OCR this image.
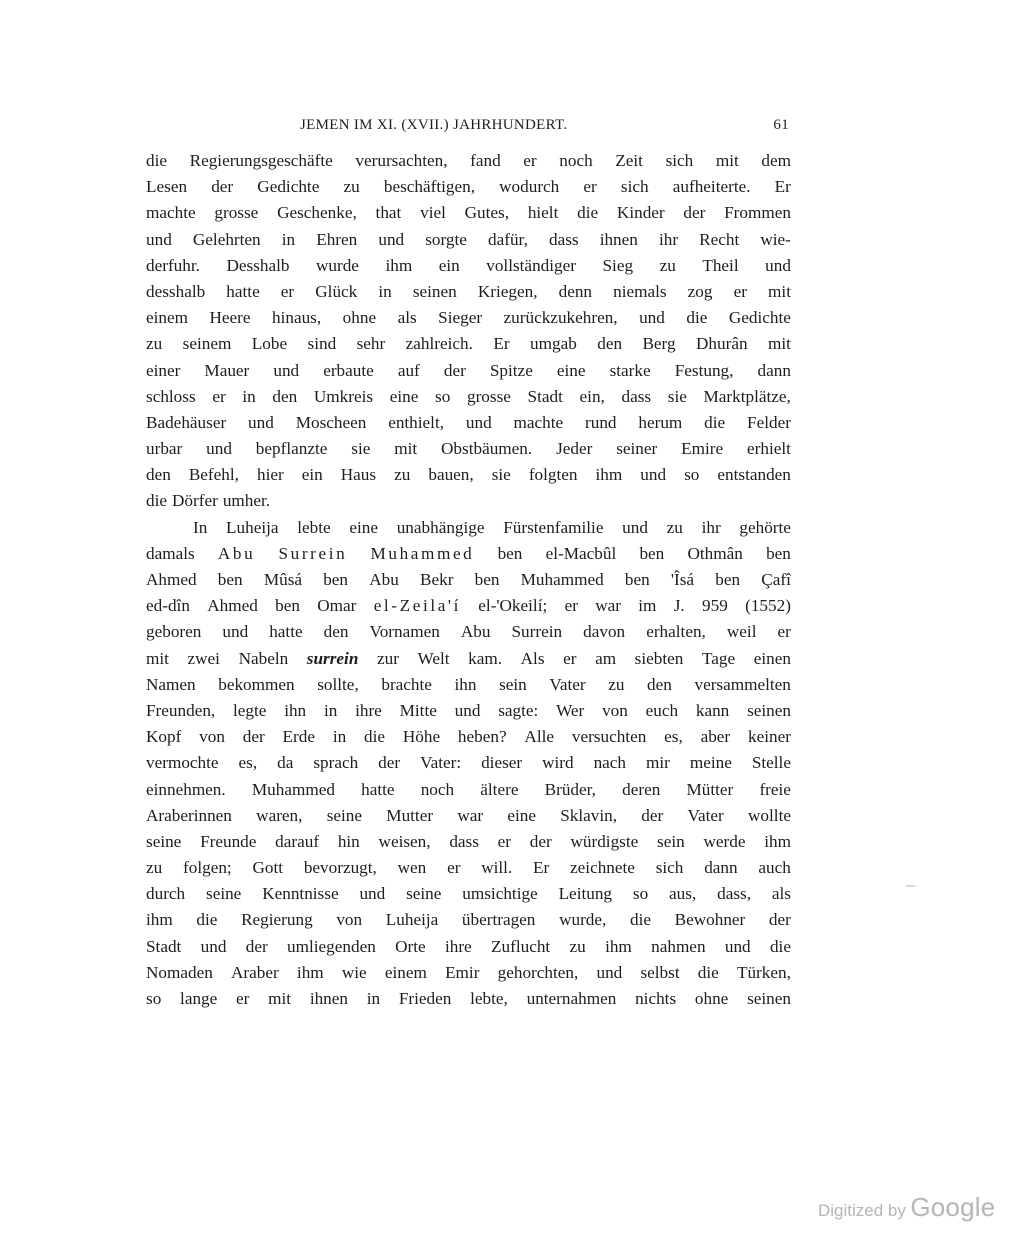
JEMEN IM XI. (XVII.) JAHRHUNDERT.	61
die Regierungsgeschäfte verursachten, fand er noch Zeit sich mit dem
Lesen der Gedichte zu beschäftigen, wodurch er sich aufheiterte. Er
machte grosse Geschenke, that viel Gutes, hielt die Kinder der Frommen
und Gelehrten in Ehren und sorgte dafür, dass ihnen ihr Recht wie-
derfuhr. Desshalb wurde ihm ein vollständiger Sieg zu Theil und
desshalb hatte er Glück in seinen Kriegen, denn niemals zog er mit
einem Heere hinaus, ohne als Sieger zurückzukehren, und die Gedichte
zu seinem Lobe sind sehr zahlreich. Er umgab den Berg Dhurân mit
einer Mauer und erbaute auf der Spitze eine starke Festung, dann
schloss er in den Umkreis eine so grosse Stadt ein, dass sie Marktplätze,
Badehäuser und Moscheen enthielt, und machte rund herum die Felder
urbar und bepflanzte sie mit Obstbäumen. Jeder seiner Emire erhielt
den Befehl, hier ein Haus zu bauen, sie folgten ihm und so entstanden
die Dörfer umher.
In Luheija lebte eine unabhängige Fürstenfamilie und zu ihr gehörte
damals Abu Surrein Muhammed ben el-Macbûl ben Othmân ben
Ahmed ben Mûsá ben Abu Bekr ben Muhammed ben 'Îsá ben Çafî
ed-dîn Ahmed ben Omar el-Zeila'í el-'Okeilí; er war im J. 959 (1552)
geboren und hatte den Vornamen Abu Surrein davon erhalten, weil er
mit zwei Nabeln surrein zur Welt kam. Als er am siebten Tage einen
Namen bekommen sollte, brachte ihn sein Vater zu den versammelten
Freunden, legte ihn in ihre Mitte und sagte: Wer von euch kann seinen
Kopf von der Erde in die Höhe heben? Alle versuchten es, aber keiner
vermochte es, da sprach der Vater: dieser wird nach mir meine Stelle
einnehmen. Muhammed hatte noch ältere Brüder, deren Mütter freie
Araberinnen waren, seine Mutter war eine Sklavin, der Vater wollte
seine Freunde darauf hin weisen, dass er der würdigste sein werde ihm
zu folgen; Gott bevorzugt, wen er will. Er zeichnete sich dann auch
durch seine Kenntnisse und seine umsichtige Leitung so aus, dass, als
ihm die Regierung von Luheija übertragen wurde, die Bewohner der
Stadt und der umliegenden Orte ihre Zuflucht zu ihm nahmen und die
Nomaden Araber ihm wie einem Emir gehorchten, und selbst die Türken,
so lange er mit ihnen in Frieden lebte, unternahmen nichts ohne seinen
Digitized by Google
